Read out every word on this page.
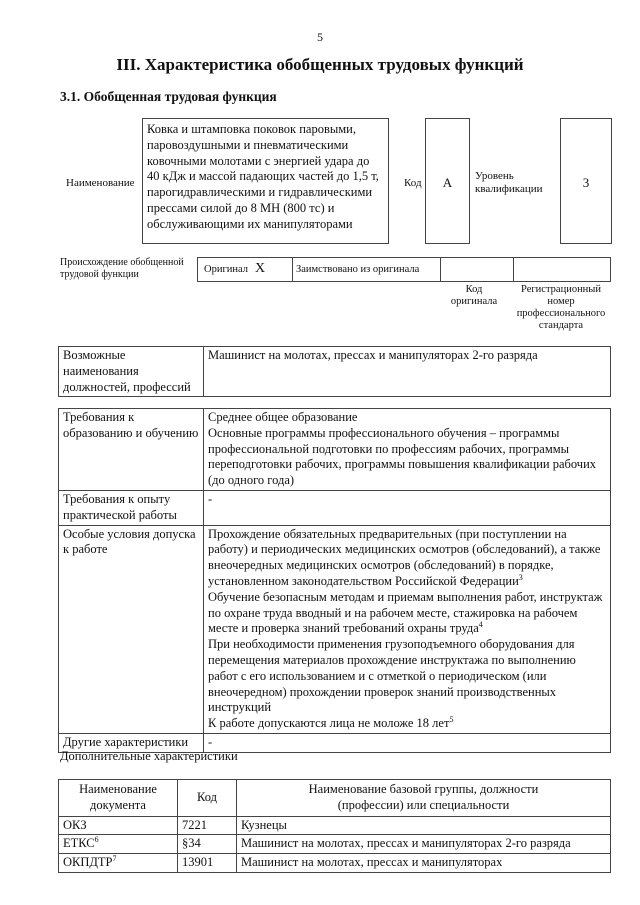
5
III. Характеристика обобщенных трудовых функций
3.1. Обобщенная трудовая функция
Наименование
Ковка и штамповка поковок паровыми, паровоздушными и пневматическими ковочными молотами с энергией удара до 40 кДж и массой падающих частей до 1,5 т, парогидравлическими и гидравлическими прессами силой до 8 МН (800 тс) и обслуживающими их манипуляторами
Код	А	Уровень квалификации	3
Происхождение обобщенной трудовой функции	Оригинал X	Заимствовано из оригинала
Код оригинала
Регистрационный номер профессионального стандарта
Возможные наименования должностей, профессий	Машинист на молотах, прессах и манипуляторах 2-го разряда
Требования к образованию и обучению	Среднее общее образование
Основные программы профессионального обучения – программы профессиональной подготовки по профессиям рабочих, программы переподготовки рабочих, программы повышения квалификации рабочих (до одного года)

Требования к опыту практической работы	-
Особые условия допуска к работе	Прохождение обязательных предварительных (при поступлении на работу) и периодических медицинских осмотров (обследований), а также внеочередных медицинских осмотров (обследований) в порядке, установленном законодательством Российской Федерации$^3$
Обучение безопасным методам и приемам выполнения работ, инструктаж по охране труда вводный и на рабочем месте, стажировка на рабочем месте и проверка знаний требований охраны труда$^4$
При необходимости применения грузоподъемного оборудования для перемещения материалов прохождение инструктажа по выполнению работ с его использованием и с отметкой о периодическом (или внеочередном) прохождении проверок знаний производственных инструкций
К работе допускаются лица не моложе 18 лет$^5$

Другие характеристики	-
Дополнительные характеристики
Наименование документа	Код	Наименование базовой группы, должности (профессии) или специальности
ОКЗ	7221	Кузнецы
ЕТКС$^6$	§34	Машинист на молотах, прессах и манипуляторах 2-го разряда
ОКПДТР$^7$	13901	Машинист на молотах, прессах и манипуляторах
